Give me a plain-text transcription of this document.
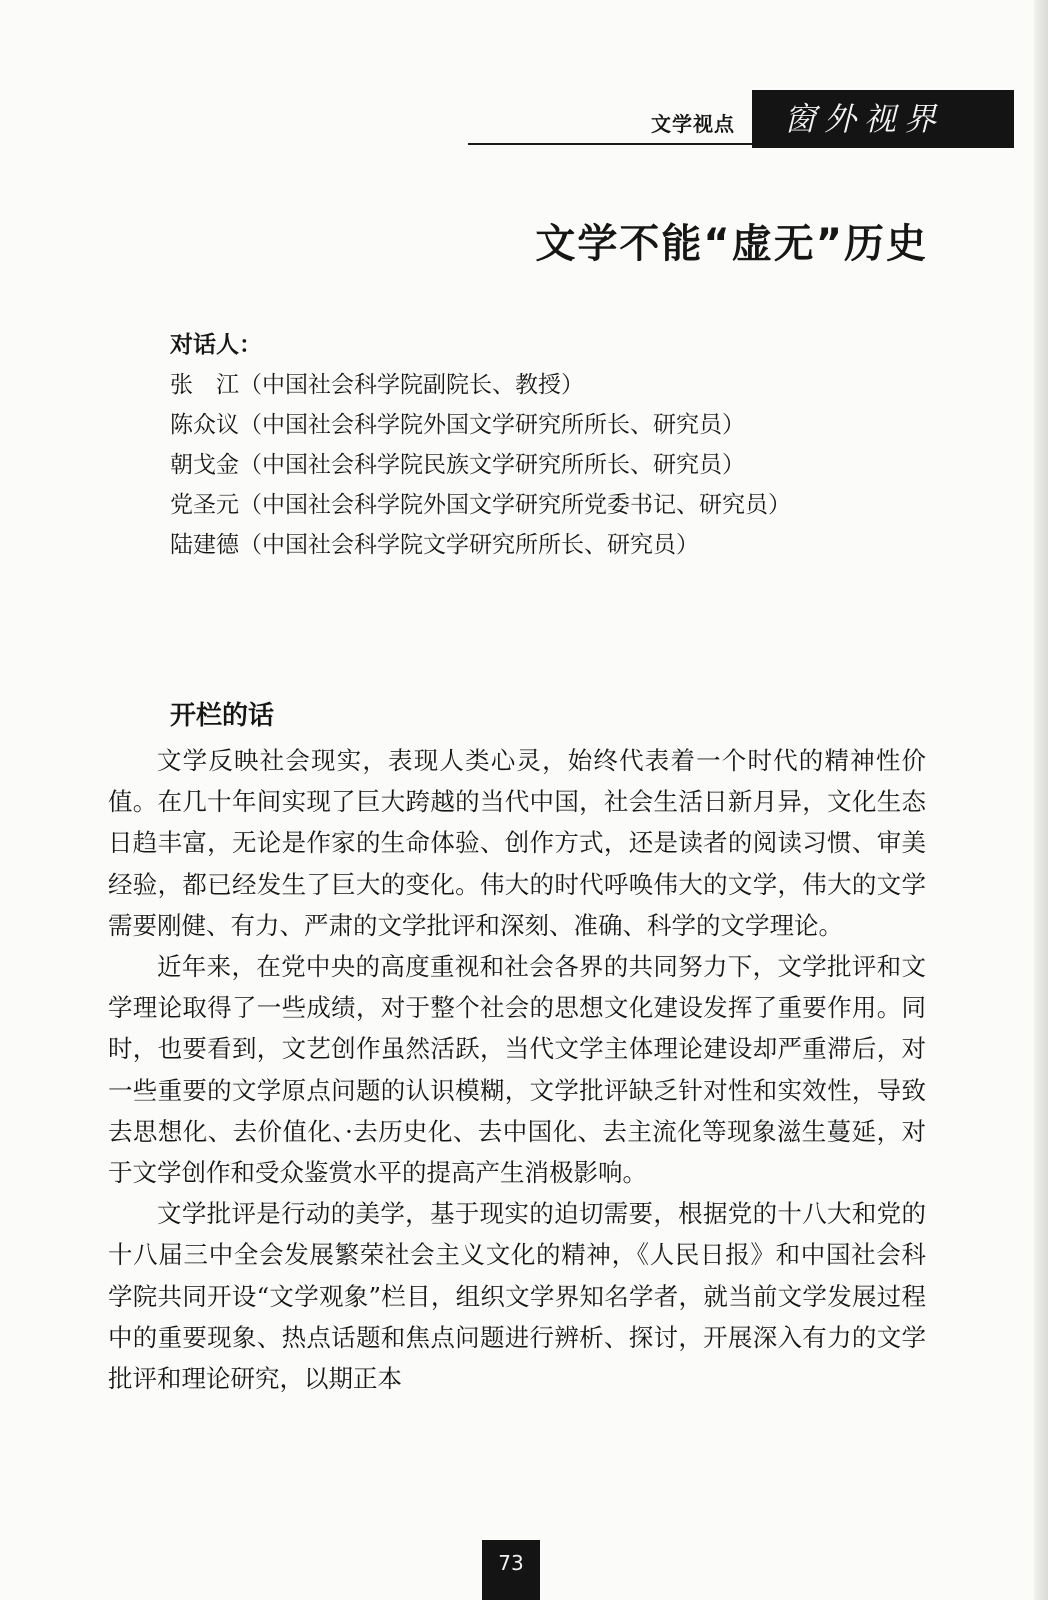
文学视点	窗外视界
文学不能“虚无”历史
对话人：
张　江（中国社会科学院副院长、教授）
陈众议（中国社会科学院外国文学研究所所长、研究员）
朝戈金（中国社会科学院民族文学研究所所长、研究员）
党圣元（中国社会科学院外国文学研究所党委书记、研究员）
陆建德（中国社会科学院文学研究所所长、研究员）
开栏的话

文学反映社会现实，表现人类心灵，始终代表着一个时代的精神性价值。在几十年间实现了巨大跨越的当代中国，社会生活日新月异，文化生态日趋丰富，无论是作家的生命体验、创作方式，还是读者的阅读习惯、审美经验，都已经发生了巨大的变化。伟大的时代呼唤伟大的文学，伟大的文学需要刚健、有力、严肃的文学批评和深刻、准确、科学的文学理论。

近年来，在党中央的高度重视和社会各界的共同努力下，文学批评和文学理论取得了一些成绩，对于整个社会的思想文化建设发挥了重要作用。同时，也要看到，文艺创作虽然活跃，当代文学主体理论建设却严重滞后，对一些重要的文学原点问题的认识模糊，文学批评缺乏针对性和实效性，导致去思想化、去价值化、·去历史化、去中国化、去主流化等现象滋生蔓延，对于文学创作和受众鉴赏水平的提高产生消极影响。

文学批评是行动的美学，基于现实的迫切需要，根据党的十八大和党的十八届三中全会发展繁荣社会主义文化的精神，《人民日报》和中国社会科学院共同开设“文学观象”栏目，组织文学界知名学者，就当前文学发展过程中的重要现象、热点话题和焦点问题进行辨析、探讨，开展深入有力的文学批评和理论研究，以期正本

73
